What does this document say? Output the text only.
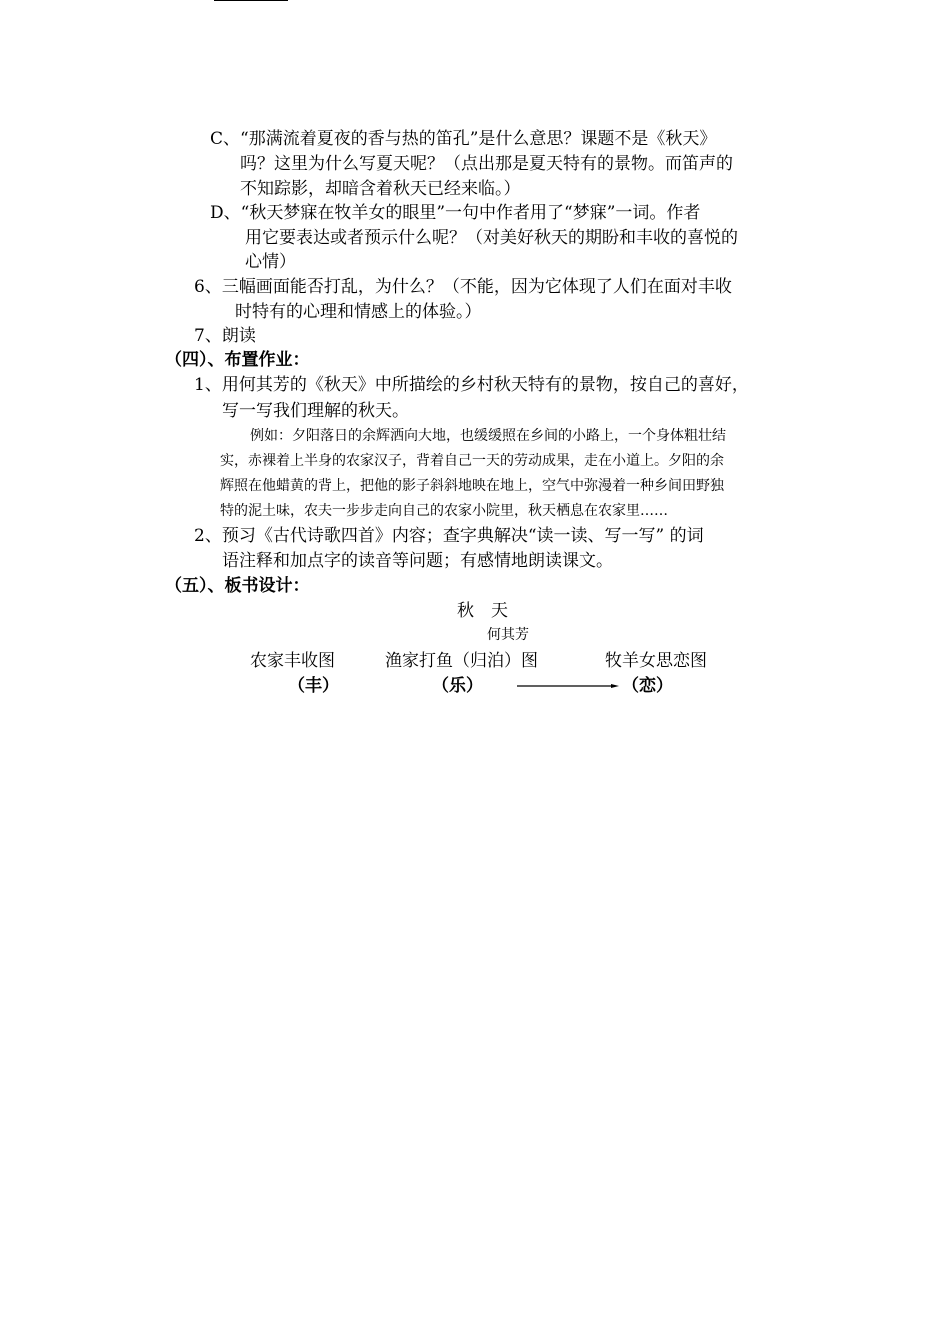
C、“那满流着夏夜的香与热的笛孔”是什么意思？课题不是《秋天》
吗？这里为什么写夏天呢？（点出那是夏天特有的景物。而笛声的
不知踪影，却暗含着秋天已经来临。）
D、“秋天梦寐在牧羊女的眼里”一句中作者用了“梦寐”一词。作者
用它要表达或者预示什么呢？（对美好秋天的期盼和丰收的喜悦的
心情）
6、三幅画面能否打乱，为什么？（不能，因为它体现了人们在面对丰收
时特有的心理和情感上的体验。）
7、朗读
（四）、布置作业：
1、用何其芳的《秋天》中所描绘的乡村秋天特有的景物，按自己的喜好，
写一写我们理解的秋天。
例如：夕阳落日的余辉洒向大地，也缓缓照在乡间的小路上，一个身体粗壮结
实，赤裸着上半身的农家汉子，背着自己一天的劳动成果，走在小道上。夕阳的余
辉照在他蜡黄的背上，把他的影子斜斜地映在地上，空气中弥漫着一种乡间田野独
特的泥土味，农夫一步步走向自己的农家小院里，秋天栖息在农家里……
2、预习《古代诗歌四首》内容；查字典解决“读一读、写一写” 的词
语注释和加点字的读音等问题；有感情地朗读课文。
（五）、板书设计：
秋　天
何其芳
农家丰收图	渔家打鱼（归泊）图	牧羊女思恋图
（丰）	（乐）	（恋）
